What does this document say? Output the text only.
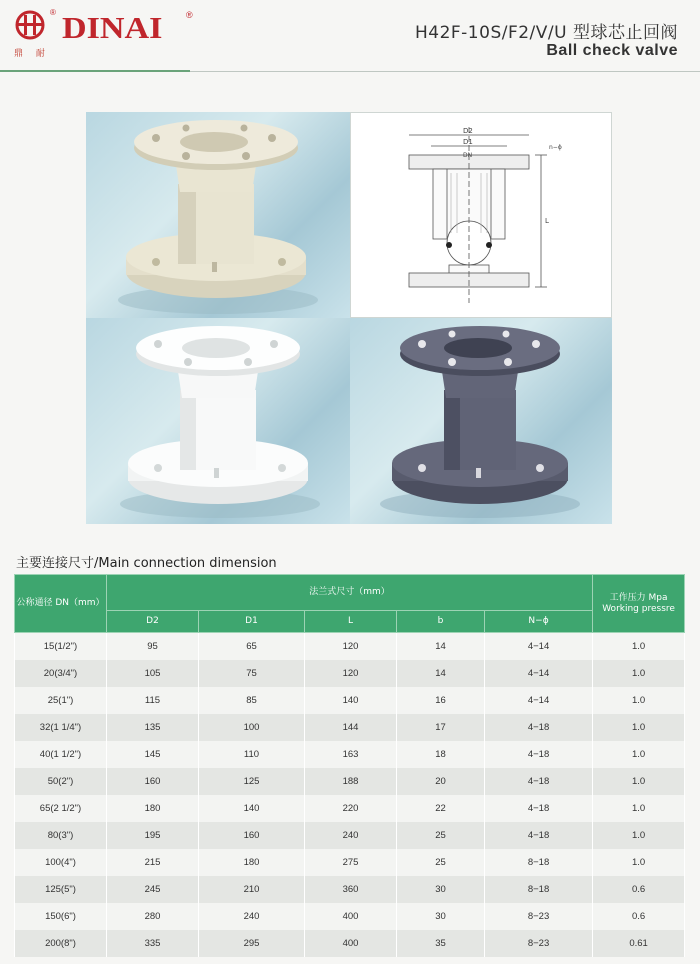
®
鼎 耐
DINAI	®
H42F-10S/F2/V/U 型球芯止回阀
Ball check valve
D2
D1
DN
n−ϕ
L
主要连接尺寸/Main connection dimension
公称通径 DN（mm）	法兰式尺寸（mm）					工作压力 Mpa Working pressre
	D2	D1	L	b	N−ϕ	
15(1/2")	95	65	120	14	4−14	1.0
20(3/4")	105	75	120	14	4−14	1.0
25(1")	115	85	140	16	4−14	1.0
32(1 1/4")	135	100	144	17	4−18	1.0
40(1 1/2")	145	110	163	18	4−18	1.0
50(2")	160	125	188	20	4−18	1.0
65(2 1/2")	180	140	220	22	4−18	1.0
80(3")	195	160	240	25	4−18	1.0
100(4")	215	180	275	25	8−18	1.0
125(5")	245	210	360	30	8−18	0.6
150(6")	280	240	400	30	8−23	0.6
200(8")	335	295	400	35	8−23	0.61
